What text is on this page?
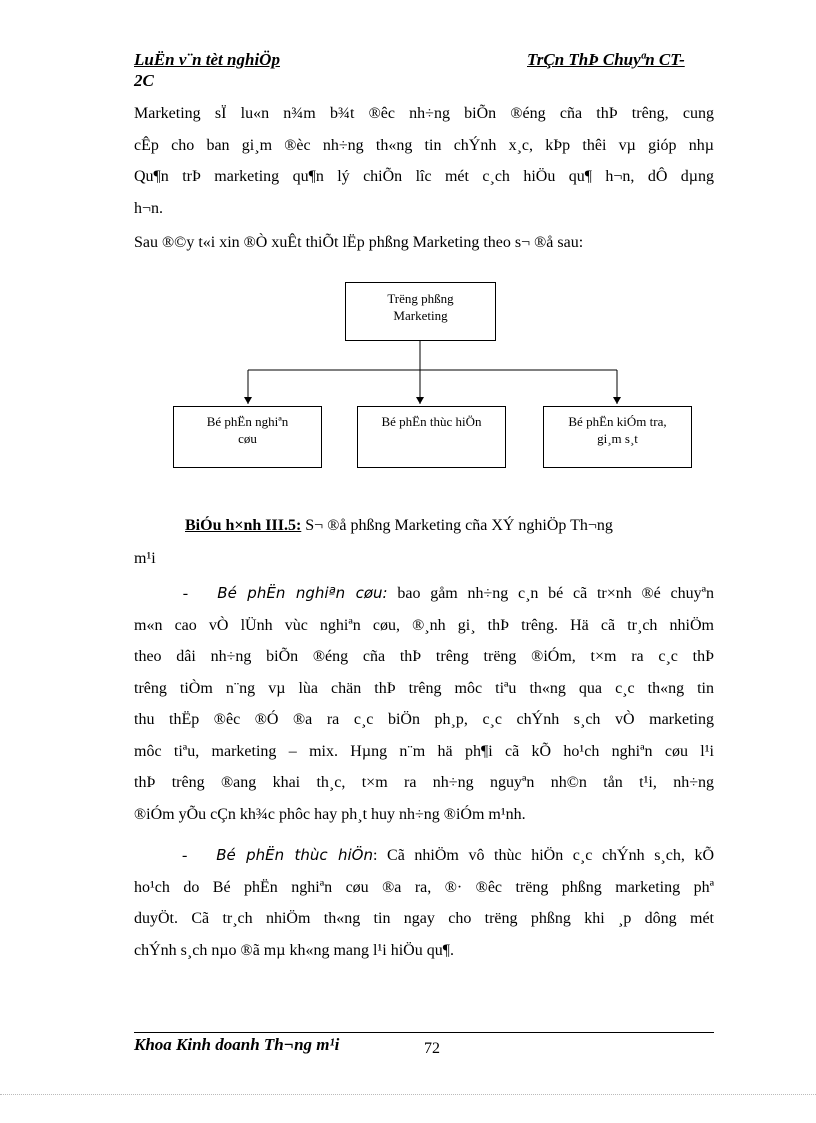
LuËn v¨n tèt nghiÖp	TrÇn ThÞ Chuyªn CT-
2C
Marketing sÏ lu«n n¾m b¾t ®êc nh÷ng biÕn ®éng cña thÞ trêng, cung
cÊp cho ban gi¸m ®èc nh÷ng th«ng tin chÝnh x¸c, kÞp thêi vµ gióp nhµ
Qu¶n trÞ marketing qu¶n lý chiÕn lîc mét c¸ch hiÖu qu¶ h¬n, dÔ dµng
h¬n.
Sau ®©y t«i xin ®Ò xuÊt thiÕt lËp phßng Marketing theo s¬ ®å sau:
Trëng phßng
Marketing
Bé phËn nghiªn
cøu
Bé phËn thùc hiÖn	Bé phËn kiÓm tra,
gi¸m s¸t
BiÓu h×nh III.5: S¬ ®å phßng Marketing cña XÝ nghiÖp Th¬ng
m¹i
- Bé phËn nghiªn cøu: bao gåm nh÷ng c¸n bé cã tr×nh ®é chuyªn
m«n cao vÒ lÜnh vùc nghiªn cøu, ®¸nh gi¸ thÞ trêng. Hä cã tr¸ch nhiÖm
theo dâi nh÷ng biÕn ®éng cña thÞ trêng trëng ®iÓm, t×m ra c¸c thÞ
trêng tiÒm n¨ng vµ lùa chän thÞ trêng môc tiªu th«ng qua c¸c th«ng tin
thu thËp ®êc ®Ó ®a ra c¸c biÖn ph¸p, c¸c chÝnh s¸ch vÒ marketing
môc tiªu, marketing – mix. Hµng n¨m hä ph¶i cã kÕ ho¹ch nghiªn cøu l¹i
thÞ trêng ®ang khai th¸c, t×m ra nh÷ng nguyªn nh©n tån t¹i, nh÷ng
®iÓm yÕu cÇn kh¾c phôc hay ph¸t huy nh÷ng ®iÓm m¹nh.
- Bé phËn thùc hiÖn: Cã nhiÖm vô thùc hiÖn c¸c chÝnh s¸ch, kÕ
ho¹ch do Bé phËn nghiªn cøu ®a ra, ®· ®êc trëng phßng marketing phª
duyÖt. Cã tr¸ch nhiÖm th«ng tin ngay cho trëng phßng khi ¸p dông mét
chÝnh s¸ch nµo ®ã mµ kh«ng mang l¹i hiÖu qu¶.
Khoa Kinh doanh Th¬ng m¹i	72
